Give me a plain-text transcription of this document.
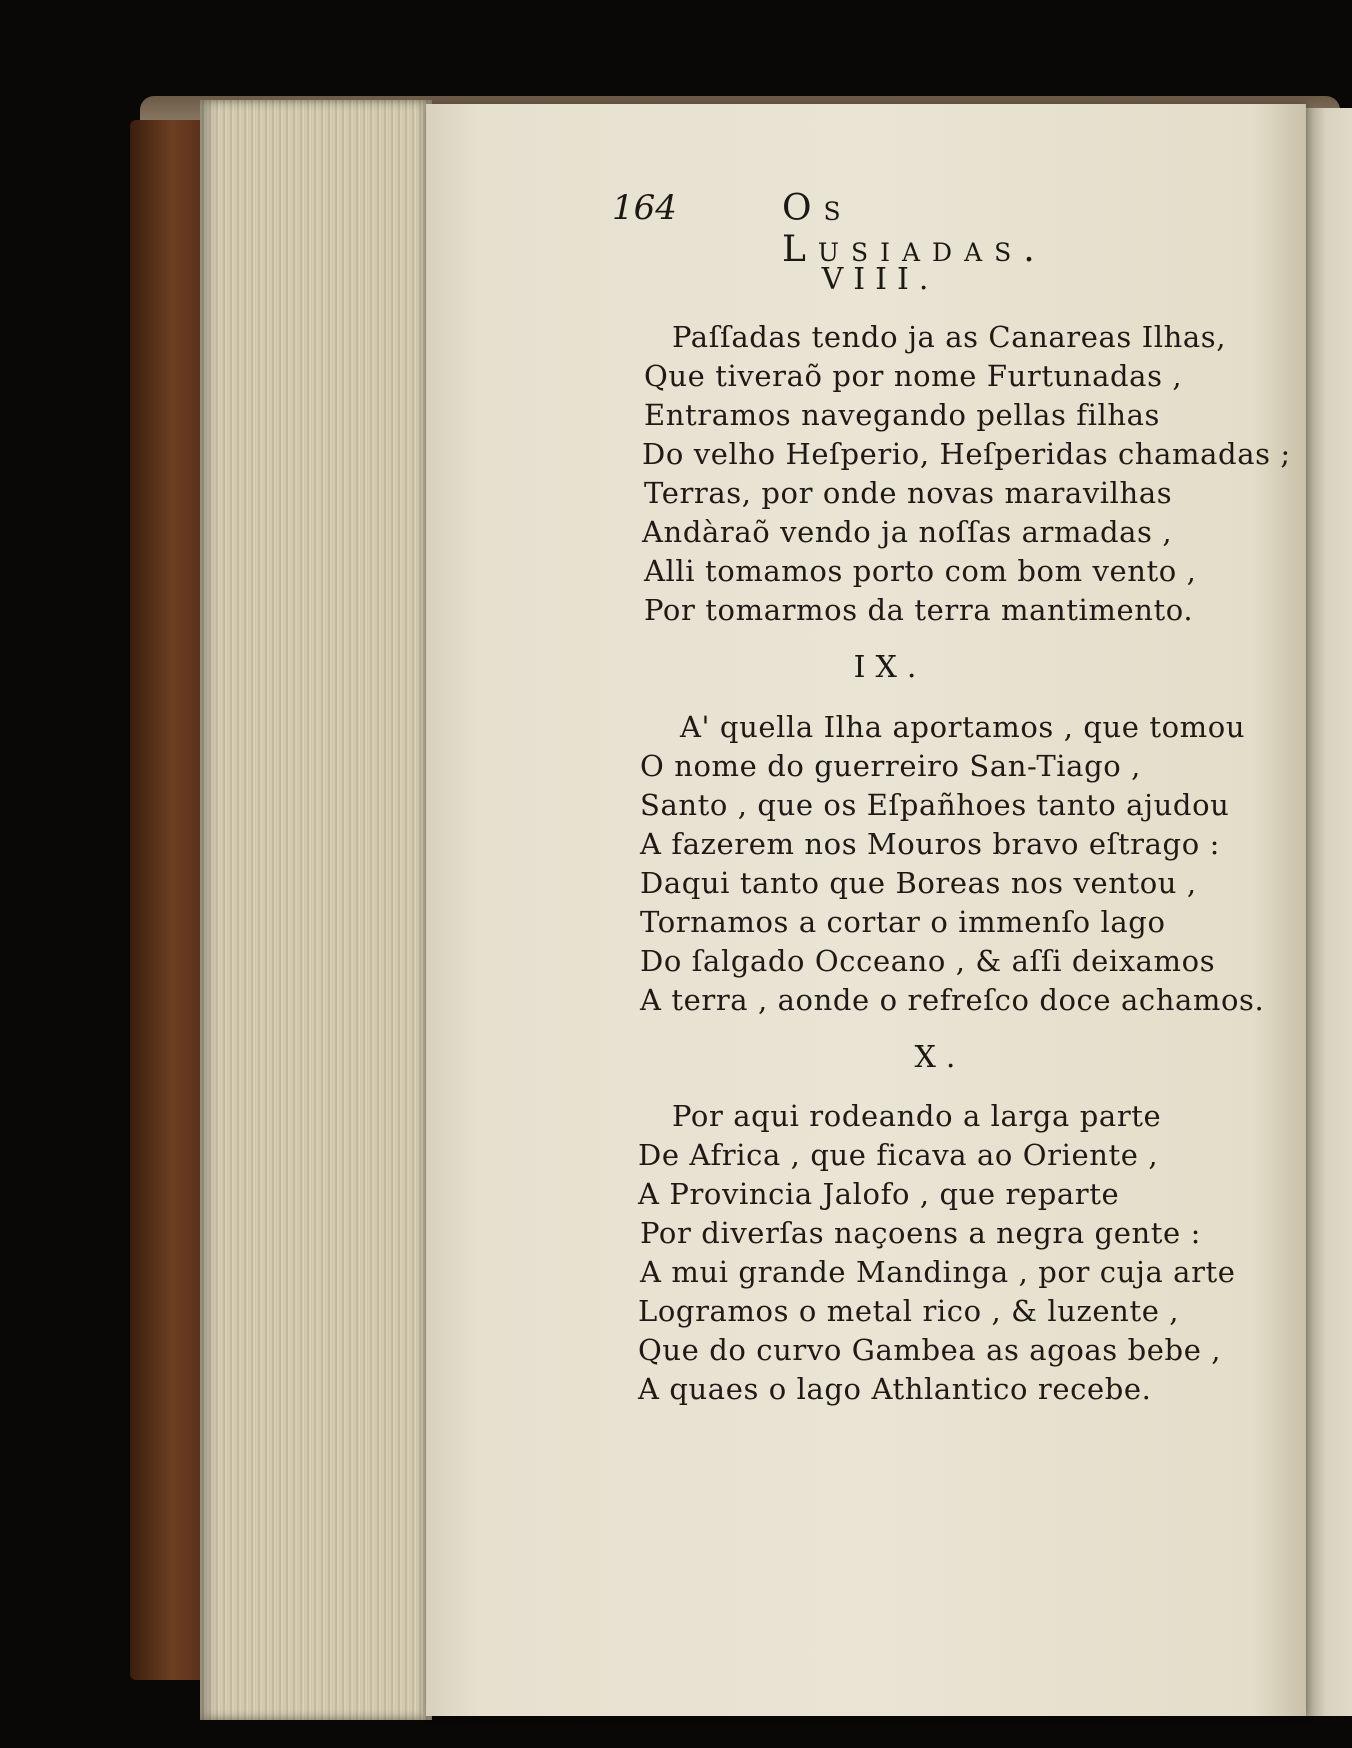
164	Os Lusiadas.
VIII.
Paſſadas tendo ja as Canareas Ilhas,
Que tiveraõ por nome Furtunadas ,
Entramos navegando pellas filhas
Do velho Heſperio, Heſperidas chamadas ;
Terras, por onde novas maravilhas
Andàraõ vendo ja noſſas armadas ,
Alli tomamos porto com bom vento ,
Por tomarmos da terra mantimento.
IX.
A' quella Ilha aportamos , que tomou
O nome do guerreiro San-Tiago ,
Santo , que os Eſpañhoes tanto ajudou
A fazerem nos Mouros bravo eſtrago :
Daqui tanto que Boreas nos ventou ,
Tornamos a cortar o immenſo lago
Do ſalgado Occeano , & aſſi deixamos
A terra , aonde o refreſco doce achamos.
X.
Por aqui rodeando a larga parte
De Africa , que ficava ao Oriente ,
A Provincia Jalofo , que reparte
Por diverſas naçoens a negra gente :
A mui grande Mandinga , por cuja arte
Logramos o metal rico , & luzente ,
Que do curvo Gambea as agoas bebe ,
A quaes o lago Athlantico recebe.
